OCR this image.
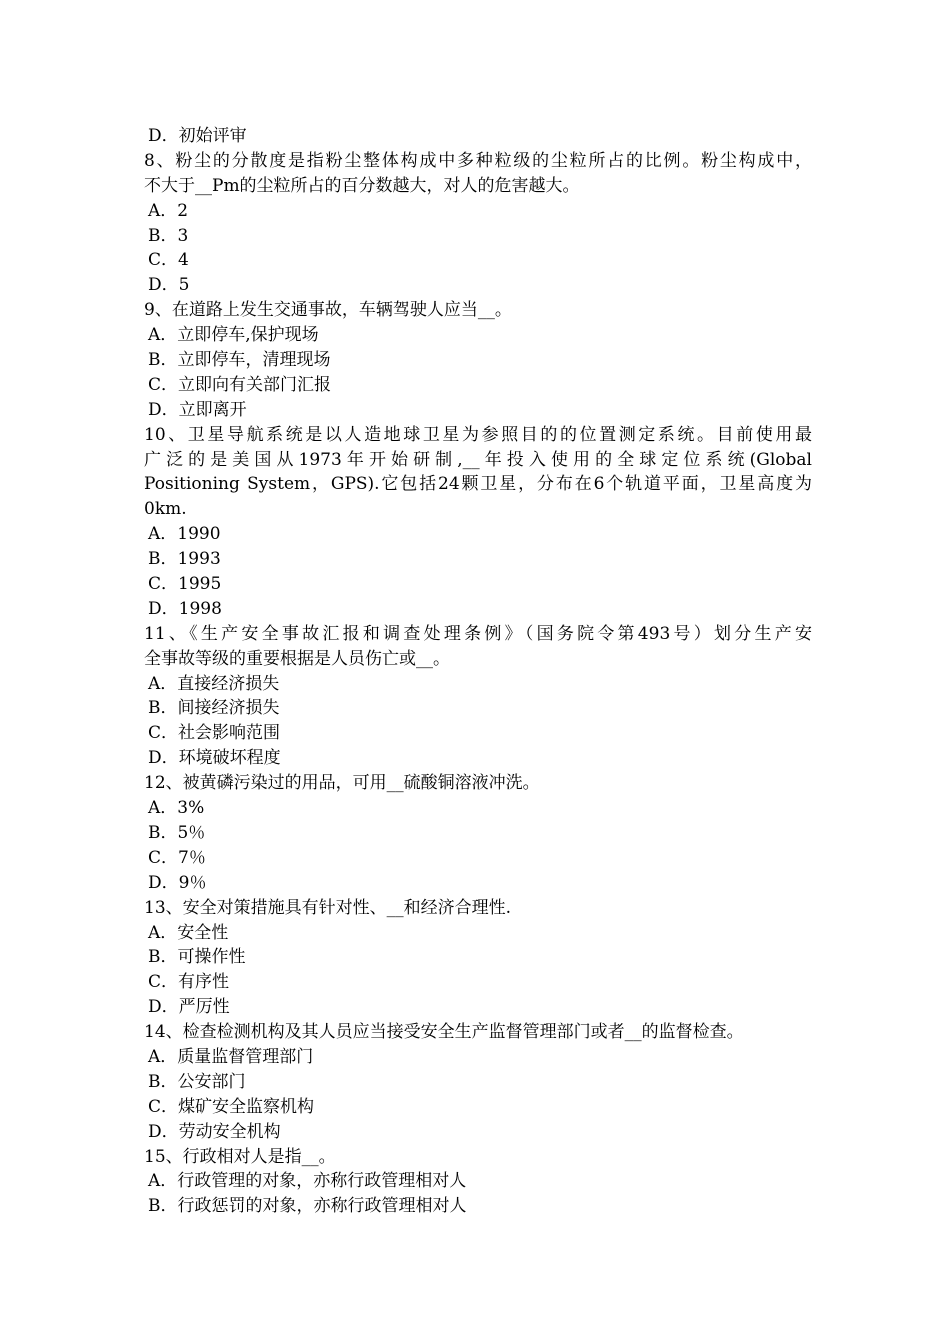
D．初始评审
8、粉尘的分散度是指粉尘整体构成中多种粒级的尘粒所占的比例。粉尘构成中，
不大于__Pm的尘粒所占的百分数越大，对人的危害越大。
A．2
B．3
C．4
D．5
9、在道路上发生交通事故，车辆驾驶人应当__。
A．立即停车,保护现场
B．立即停车，清理现场
C．立即向有关部门汇报
D．立即离开
10、卫星导航系统是以人造地球卫星为参照目的的位置测定系统。目前使用最
广泛的是美国从1973年开始研制,__年投入使用的全球定位系统(Global
Positioning System，GPS).它包括24颗卫星，分布在6个轨道平面，卫星高度为
0km.
A．1990
B．1993
C．1995
D．1998
11、《生产安全事故汇报和调查处理条例》（国务院令第493号）划分生产安
全事故等级的重要根据是人员伤亡或__。
A．直接经济损失
B．间接经济损失
C．社会影响范围
D．环境破坏程度
12、被黄磷污染过的用品，可用__硫酸铜溶液冲洗。
A．3%
B．5％
C．7％
D．9％
13、安全对策措施具有针对性、__和经济合理性.
A．安全性
B．可操作性
C．有序性
D．严厉性
14、检查检测机构及其人员应当接受安全生产监督管理部门或者__的监督检查。
A．质量监督管理部门
B．公安部门
C．煤矿安全监察机构
D．劳动安全机构
15、行政相对人是指__。
A．行政管理的对象，亦称行政管理相对人
B．行政惩罚的对象，亦称行政管理相对人
